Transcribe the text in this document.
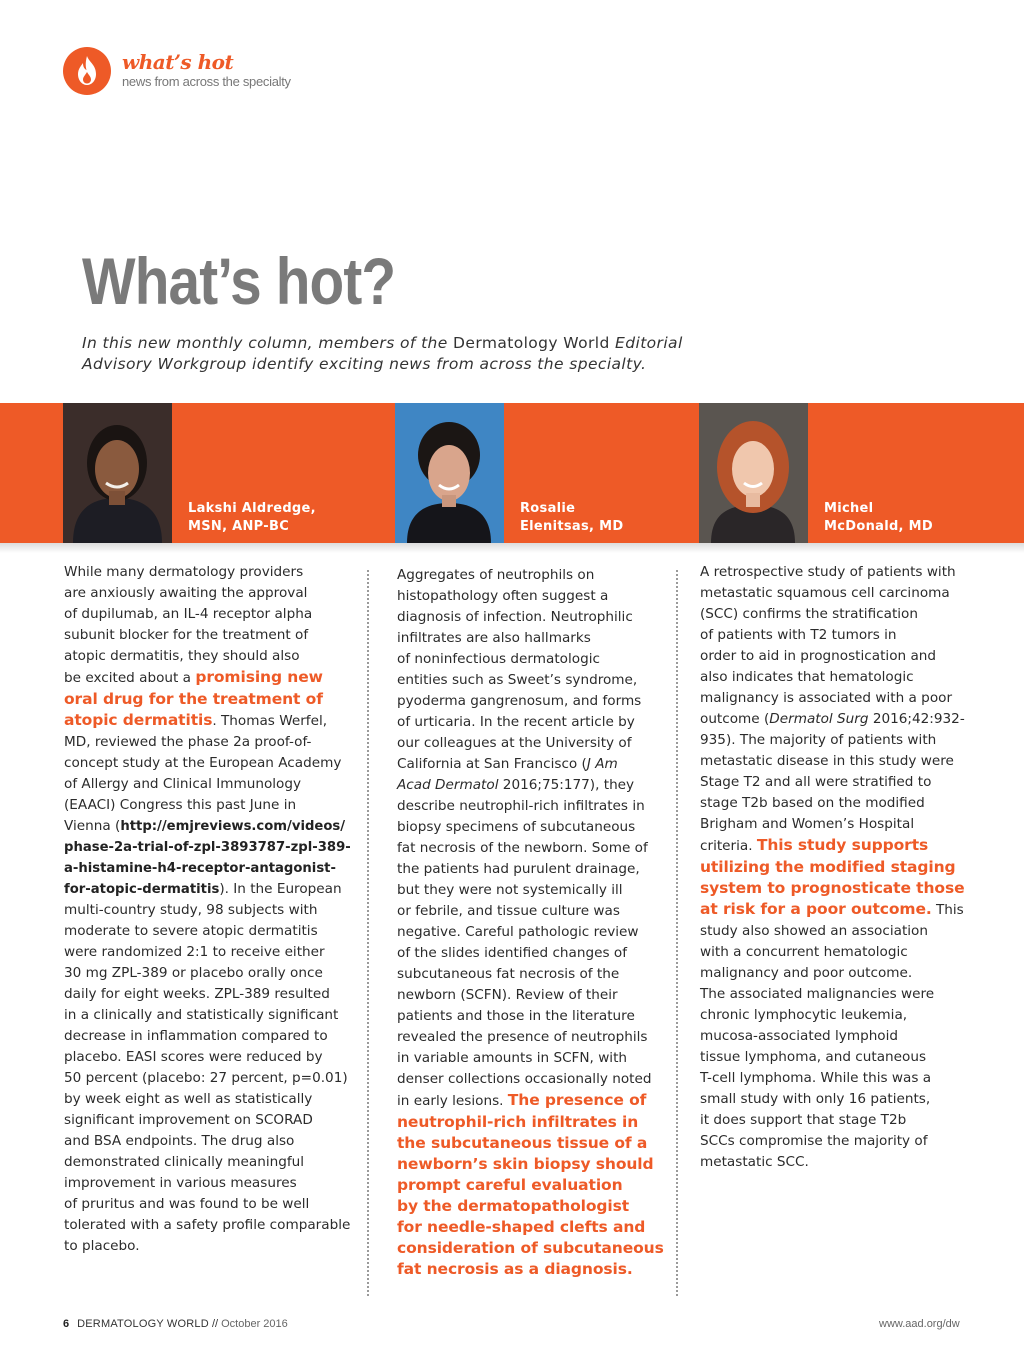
what’s hot
news from across the specialty
What’s hot?
In this new monthly column, members of the Dermatology World Editorial Advisory Workgroup identify exciting news from across the specialty.
Lakshi Aldredge,
MSN, ANP-BC
Rosalie
Elenitsas, MD
Michel
McDonald, MD
While many dermatology providers
are anxiously awaiting the approval
of dupilumab, an IL-4 receptor alpha
subunit blocker for the treatment of
atopic dermatitis, they should also
be excited about a promising new
oral drug for the treatment of
atopic dermatitis. Thomas Werfel,
MD, reviewed the phase 2a proof-of-
concept study at the European Academy
of Allergy and Clinical Immunology
(EAACI) Congress this past June in
Vienna (http://emjreviews.com/videos/
phase-2a-trial-of-zpl-3893787-zpl-389-
a-histamine-h4-receptor-antagonist-
for-atopic-dermatitis). In the European
multi-country study, 98 subjects with
moderate to severe atopic dermatitis
were randomized 2:1 to receive either
30 mg ZPL-389 or placebo orally once
daily for eight weeks. ZPL-389 resulted
in a clinically and statistically significant
decrease in inflammation compared to
placebo. EASI scores were reduced by
50 percent (placebo: 27 percent, p=0.01)
by week eight as well as statistically
significant improvement on SCORAD
and BSA endpoints. The drug also
demonstrated clinically meaningful
improvement in various measures
of pruritus and was found to be well
tolerated with a safety profile comparable
to placebo.
Aggregates of neutrophils on
histopathology often suggest a
diagnosis of infection. Neutrophilic
infiltrates are also hallmarks
of noninfectious dermatologic
entities such as Sweet’s syndrome,
pyoderma gangrenosum, and forms
of urticaria. In the recent article by
our colleagues at the University of
California at San Francisco (J Am
Acad Dermatol 2016;75:177), they
describe neutrophil-rich infiltrates in
biopsy specimens of subcutaneous
fat necrosis of the newborn. Some of
the patients had purulent drainage,
but they were not systemically ill
or febrile, and tissue culture was
negative. Careful pathologic review
of the slides identified changes of
subcutaneous fat necrosis of the
newborn (SCFN). Review of their
patients and those in the literature
revealed the presence of neutrophils
in variable amounts in SCFN, with
denser collections occasionally noted
in early lesions. The presence of
neutrophil-rich infiltrates in
the subcutaneous tissue of a
newborn’s skin biopsy should
prompt careful evaluation
by the dermatopathologist
for needle-shaped clefts and
consideration of subcutaneous
fat necrosis as a diagnosis.
A retrospective study of patients with
metastatic squamous cell carcinoma
(SCC) confirms the stratification
of patients with T2 tumors in
order to aid in prognostication and
also indicates that hematologic
malignancy is associated with a poor
outcome (Dermatol Surg 2016;42:932-
935). The majority of patients with
metastatic disease in this study were
Stage T2 and all were stratified to
stage T2b based on the modified
Brigham and Women’s Hospital
criteria. This study supports
utilizing the modified staging
system to prognosticate those
at risk for a poor outcome. This
study also showed an association
with a concurrent hematologic
malignancy and poor outcome.
The associated malignancies were
chronic lymphocytic leukemia,
mucosa-associated lymphoid
tissue lymphoma, and cutaneous
T-cell lymphoma. While this was a
small study with only 16 patients,
it does support that stage T2b
SCCs compromise the majority of
metastatic SCC.
6 DERMATOLOGY WORLD // October 2016	www.aad.org/dw
